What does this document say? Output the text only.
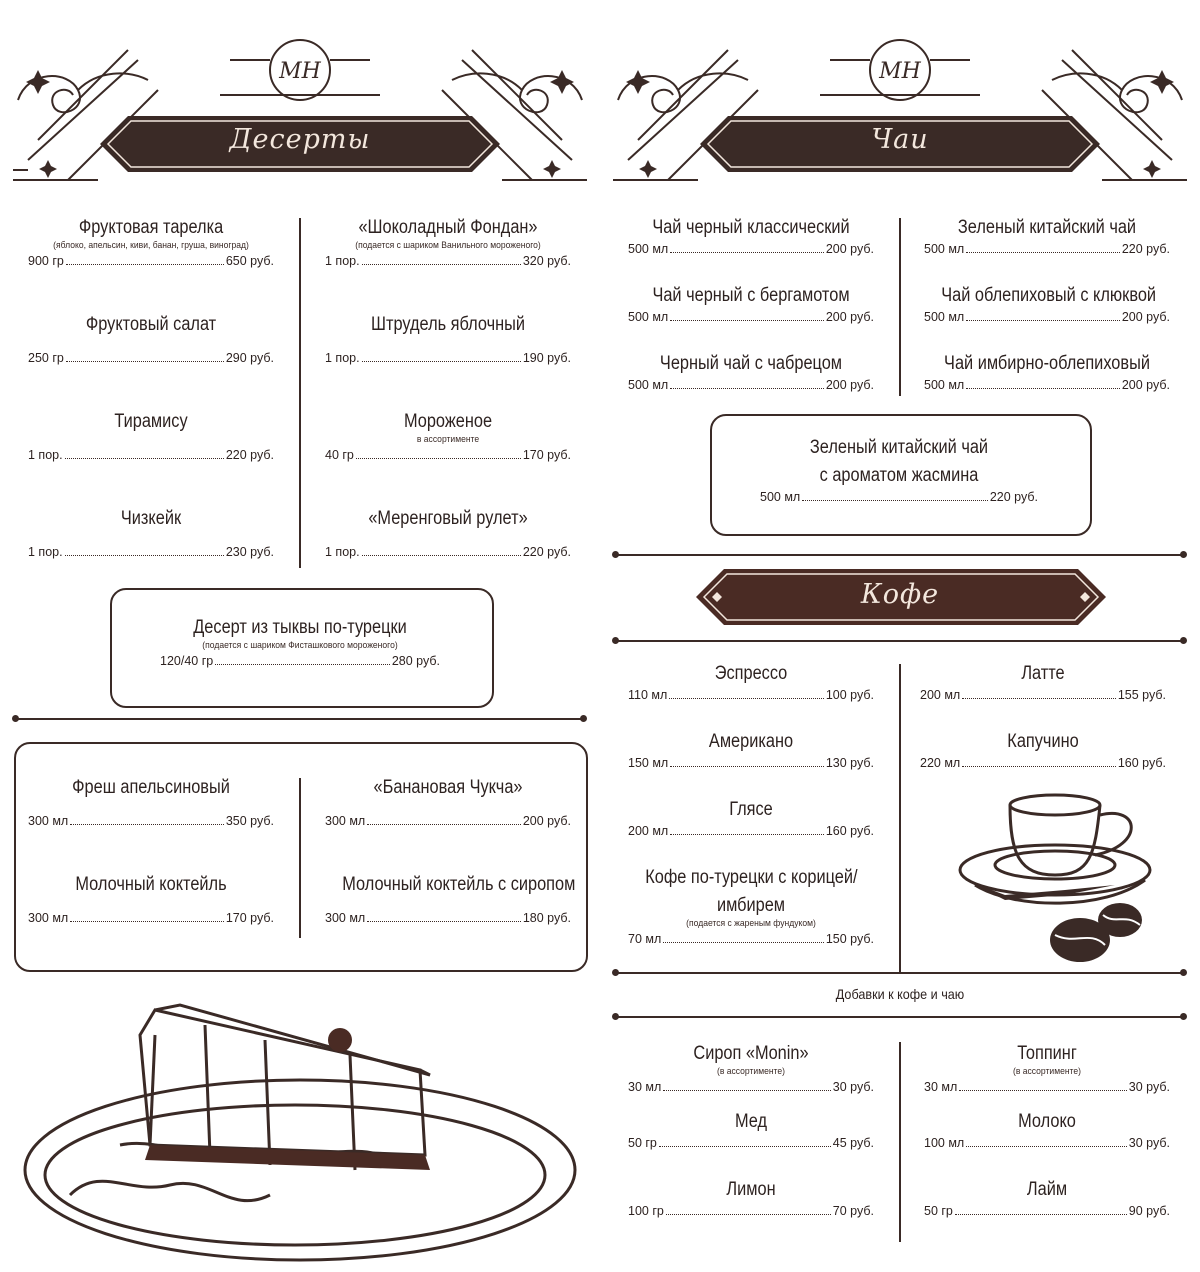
МН
Десерты
МН
Чаи
Фруктовая тарелка
(яблоко, апельсин, киви, банан, груша, виноград)
900 гр	650 руб.
«Шоколадный Фондан»
(подается с шариком Ванильного мороженого)
1 пор.	320 руб.
Фруктовый салат
250 гр	290 руб.
Штрудель яблочный
1 пор.	190 руб.
Тирамису
1 пор.	220 руб.
Мороженое
в ассортименте
40 гр	170 руб.
Чизкейк
1 пор.	230 руб.
«Меренговый рулет»
1 пор.	220 руб.
Десерт из тыквы по-турецки
(подается с шариком Фисташкового мороженого)
120/40 гр	280 руб.
Фреш апельсиновый
300 мл	350 руб.
«Банановая Чукча»
300 мл	200 руб.
Молочный коктейль
300 мл	170 руб.
Молочный коктейль с сиропом
300 мл	180 руб.
Чай черный классический
500 мл	200 руб.
Зеленый китайский чай
500 мл	220 руб.
Чай черный с бергамотом
500 мл	200 руб.
Чай облепиховый с клюквой
500 мл	200 руб.
Черный чай с чабрецом
500 мл	200 руб.
Чай имбирно-облепиховый
500 мл	200 руб.
Зеленый китайский чай
с ароматом жасмина
500 мл	220 руб.
Кофе
Эспрессо
110 мл	100 руб.
Латте
200 мл	155 руб.
Американо
150 мл	130 руб.
Капучино
220 мл	160 руб.
Глясе
200 мл	160 руб.
Кофе по-турецки с корицей/
имбирем
(подается с жареным фундуком)
70 мл	150 руб.
Добавки к кофе и чаю
Сироп «Monin»
(в ассортименте)
30 мл	30 руб.
Топпинг
(в ассортименте)
30 мл	30 руб.
Мед
50 гр	45 руб.
Молоко
100 мл	30 руб.
Лимон
100 гр	70 руб.
Лайм
50 гр	90 руб.
